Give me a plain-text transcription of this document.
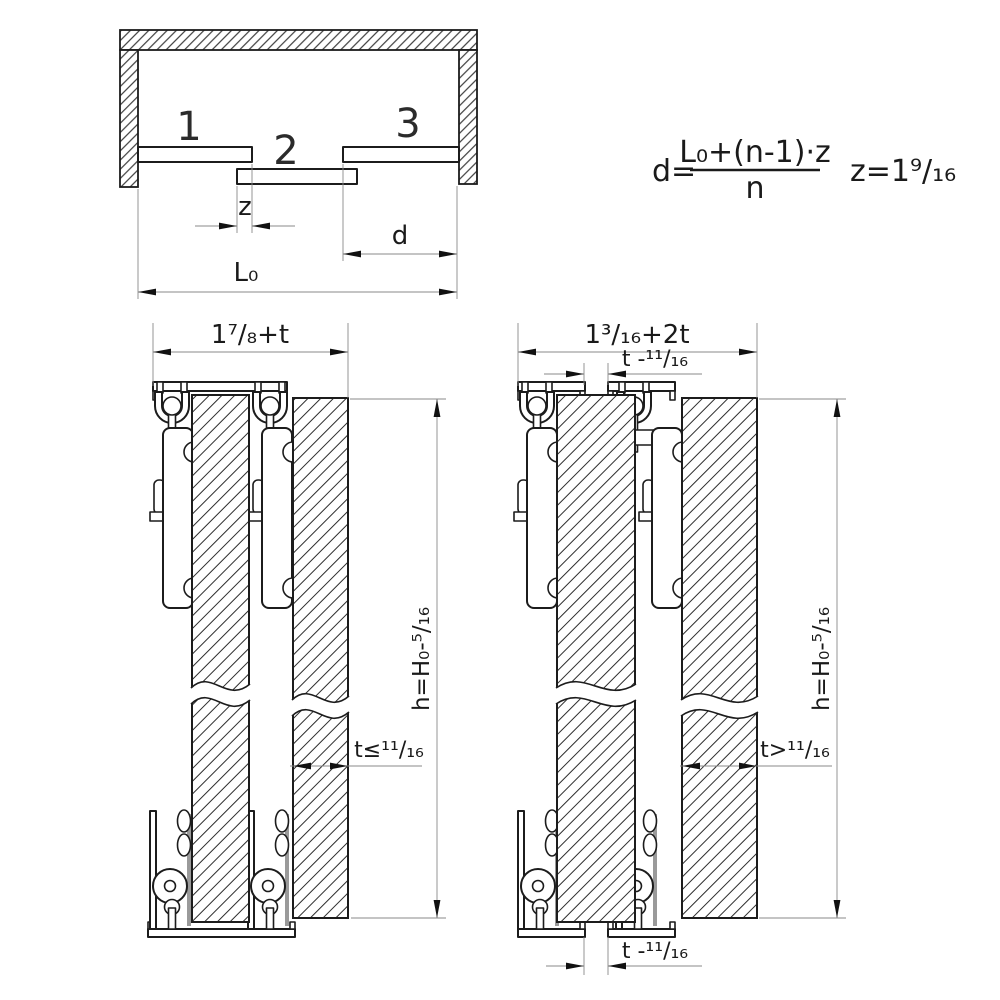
1
2
3
z
d
L₀
d=
L₀+(n-1)·z
n	z=1⁹/₁₆
1⁷/₈+t
h=H₀-⁵/₁₆
t≤¹¹/₁₆
1³/₁₆+2t
t -¹¹/₁₆
h=H₀-⁵/₁₆
t>¹¹/₁₆
t -¹¹/₁₆
